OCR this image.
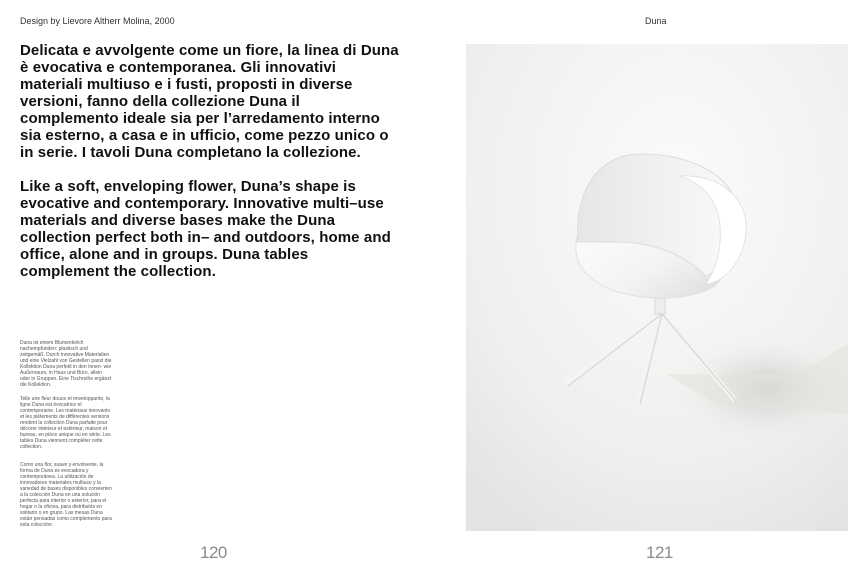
Design by Lievore Altherr Molina, 2000
Delicata e avvolgente come un fiore, la linea di Duna è evocativa e contemporanea. Gli innovativi materiali multiuso e i fusti, proposti in diverse versioni, fanno della collezione Duna il complemento ideale sia per l’arredamento interno sia esterno, a casa e in ufficio, come pezzo unico o in serie. I tavoli Duna completano la collezione.
Like a soft, enveloping flower, Duna’s shape is evocative and contemporary. Innovative multi–use materials and diverse bases make the Duna collection perfect both in– and outdoors, home and office, alone and in groups. Duna tables complement the collection.
Duna ist einem Blumenkelch nachempfunden: plastisch und zeitgemäß. Durch innovative Materialien und eine Vielzahl von Gestellen passt die Kollektion Duna perfekt in den Innen- wie Außenraum, in Haus und Büro, allein oder in Gruppen. Eine Tischreihe ergänzt die Kollektion.
Telle une fleur douce et enveloppante, la ligne Duna est évocatrice et contemporaine. Les matériaux innovants et les piètements de différentes versions rendent la collection Duna parfaite pour décorer intérieur et extérieur, maison et bureau, en pièce unique ou en série. Les tables Duna viennent compléter cette collection.
Como una flor, suave y envolvente, la forma de Duna es evocadora y contemporánea. La utilización de innovadores materiales multiuso y la variedad de bases disponibles convierten a la colección Duna en una solución perfecta para interior o exterior, para el hogar o la oficina, para distribuirla en solitario o en grupo. Las mesas Duna están pensadas como complemento para esta colección.
120
Duna
121
